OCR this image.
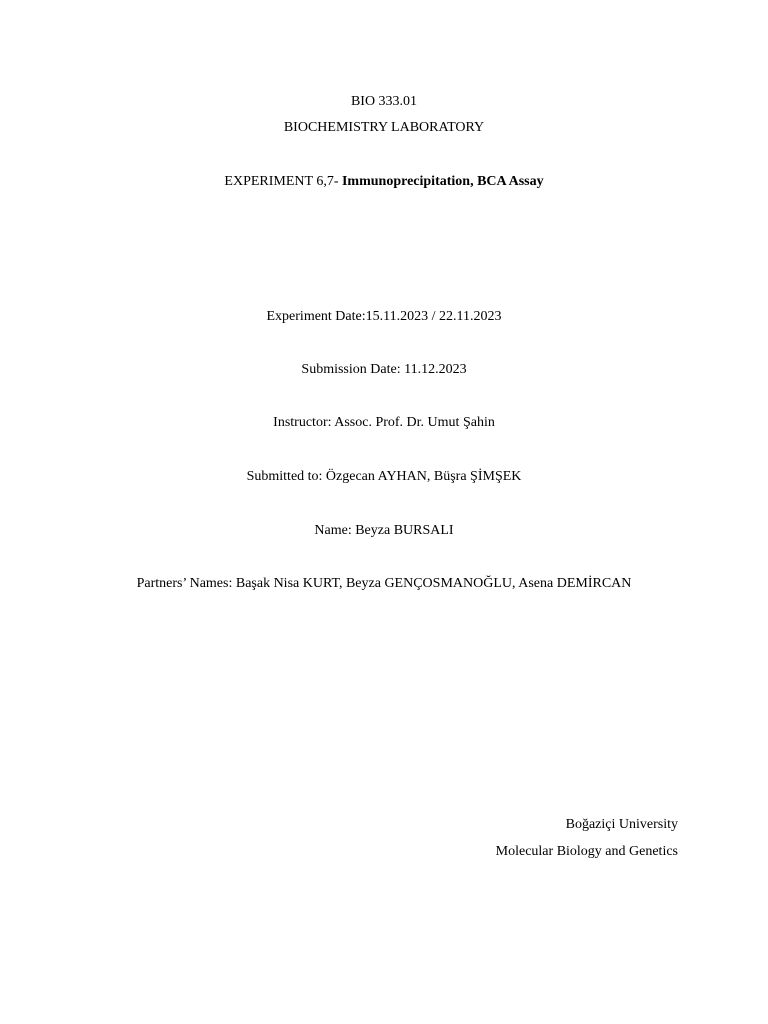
BIO 333.01
BIOCHEMISTRY LABORATORY
EXPERIMENT 6,7- Immunoprecipitation, BCA Assay
Experiment Date:15.11.2023 / 22.11.2023
Submission Date: 11.12.2023
Instructor: Assoc. Prof. Dr. Umut Şahin
Submitted to: Özgecan AYHAN, Büşra ŞİMŞEK
Name: Beyza BURSALI
Partners’ Names: Başak Nisa KURT, Beyza GENÇOSMANOĞLU, Asena DEMİRCAN
Boğaziçi University
Molecular Biology and Genetics
